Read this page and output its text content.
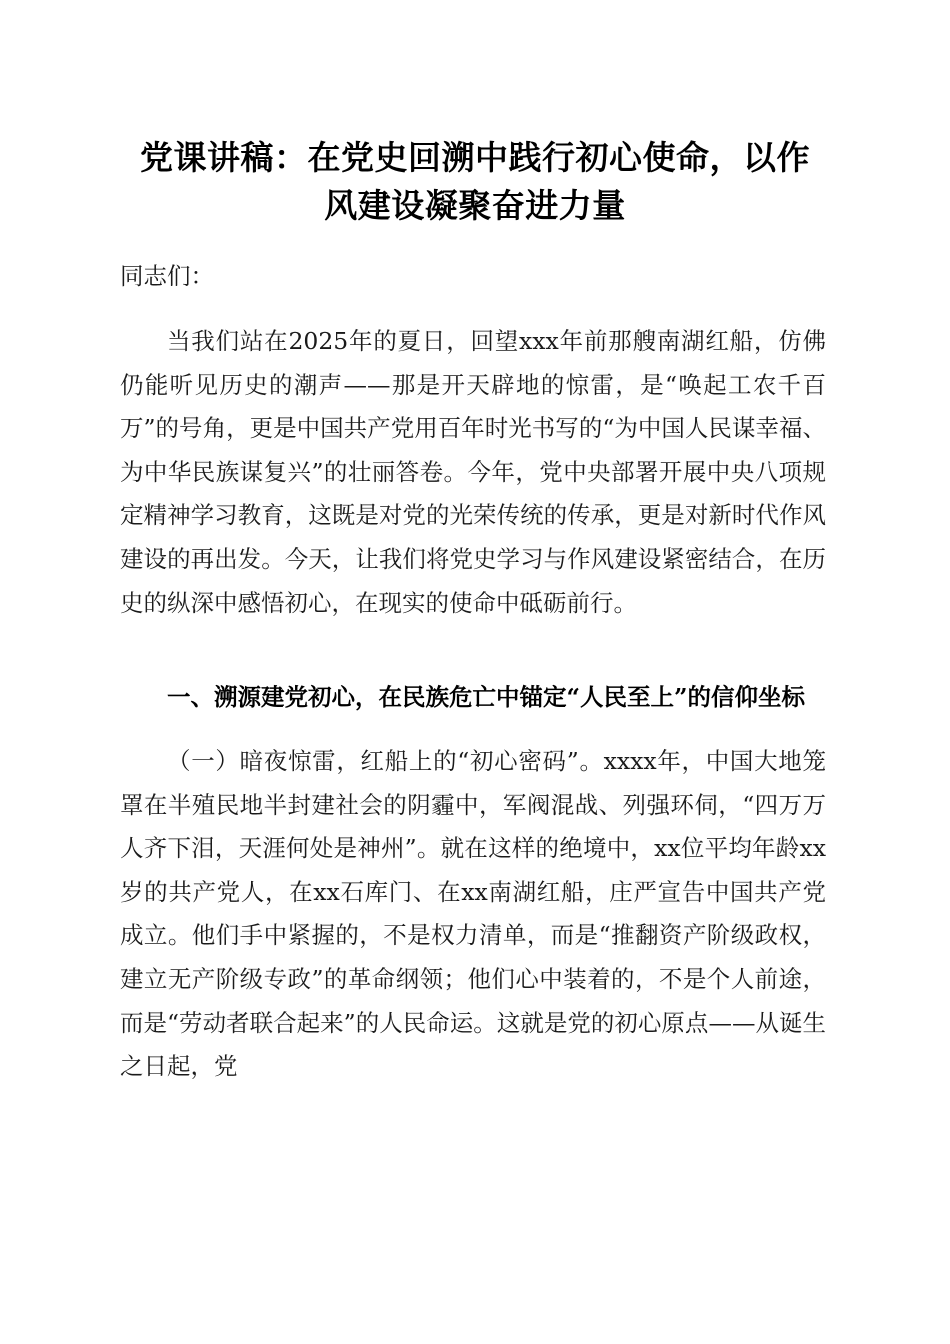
党课讲稿：在党史回溯中践行初心使命，以作
风建设凝聚奋进力量

同志们：

当我们站在2025年的夏日，回望xxx年前那艘南湖红船，仿佛仍能听见历史的潮声——那是开天辟地的惊雷，是“唤起工农千百万”的号角，更是中国共产党用百年时光书写的“为中国人民谋幸福、为中华民族谋复兴”的壮丽答卷。今年，党中央部署开展中央八项规定精神学习教育，这既是对党的光荣传统的传承，更是对新时代作风建设的再出发。今天，让我们将党史学习与作风建设紧密结合，在历史的纵深中感悟初心，在现实的使命中砥砺前行。

一、溯源建党初心，在民族危亡中锚定“人民至上”的信仰坐标

（一）暗夜惊雷，红船上的“初心密码”。xxxx年，中国大地笼罩在半殖民地半封建社会的阴霾中，军阀混战、列强环伺，“四万万人齐下泪，天涯何处是神州”。就在这样的绝境中，xx位平均年龄xx岁的共产党人，在xx石库门、在xx南湖红船，庄严宣告中国共产党成立。他们手中紧握的，不是权力清单，而是“推翻资产阶级政权，建立无产阶级专政”的革命纲领；他们心中装着的，不是个人前途，而是“劳动者联合起来”的人民命运。这就是党的初心原点——从诞生之日起，党
